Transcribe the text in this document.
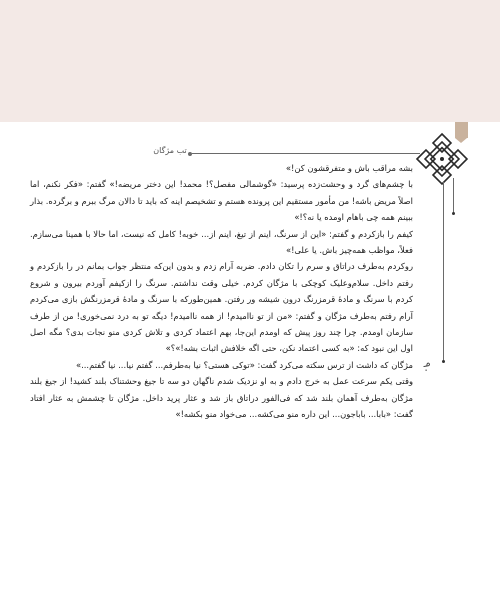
تب مژگان
۹۰

بشه مراقب باش و متفرقشون کن!»

با چشم‌های گرد و وحشت‌زده پرسید: «گوشمالی مفصل؟! محمد! این دختر مریضه!» گفتم: «فکر نکنم، اما اصلاً مریض باشه! من مأمور مستقیم این پرونده هستم و تشخیصم اینه که باید تا دالان مرگ ببرم و برگرده. بذار ببینم همه چی باهام اومده یا نه؟!»

کیفم را بازکردم و گفتم: «این از سرنگ، اینم از تیغ، اینم از... خوبه! کامل که نیست، اما حالا با همینا می‌سازم. فعلاً، مواظب همه‌چیز باش. یا علی!»

روکردم به‌طرف دراتاق و سرم را تکان دادم. ضربه آرام زدم و بدون این‌که منتظر جواب بمانم در را بازکردم و رفتم داخل. سلام‌وعلیک کوچکی با مژگان کردم. خیلی وقت نداشتم. سرنگ را ازکیفم آوردم بیرون و شروع کردم با سرنگ و مادۀ قرمزرنگ درون شیشه ور رفتن. همین‌طورکه با سرنگ و مادۀ قرمزرنگش بازی می‌کردم آرام رفتم به‌طرف مژگان و گفتم: «من از تو ناامیدم! از همه ناامیدم! دیگه تو به درد نمی‌خوری! من از طرف سازمان اومدم. چرا چند روز پیش که اومدم این‌جا، بهم اعتماد کردی و تلاش کردی منو نجات بدی؟ مگه اصل اول این نبود که: «به کسی اعتماد نکن، حتی اگه خلافش اثبات بشه!»؟»

مژگان که داشت از ترس سکته می‌کرد گفت: «توکی هستی؟ نیا به‌طرفم... گفتم نیا... نیا گفتم...»

وقتی یکم سرعت عمل به خرج دادم و به او نزدیک شدم ناگهان دو سه تا جیغ وحشتناک بلند کشید! از جیغ بلند مژگان به‌طرف آهمان بلند شد که فی‌الفور دراتاق باز شد و عثار پرید داخل. مژگان تا چشمش به عثار افتاد گفت: «بابا... باباجون... این داره منو می‌کشه... می‌خواد منو بکشه!»
